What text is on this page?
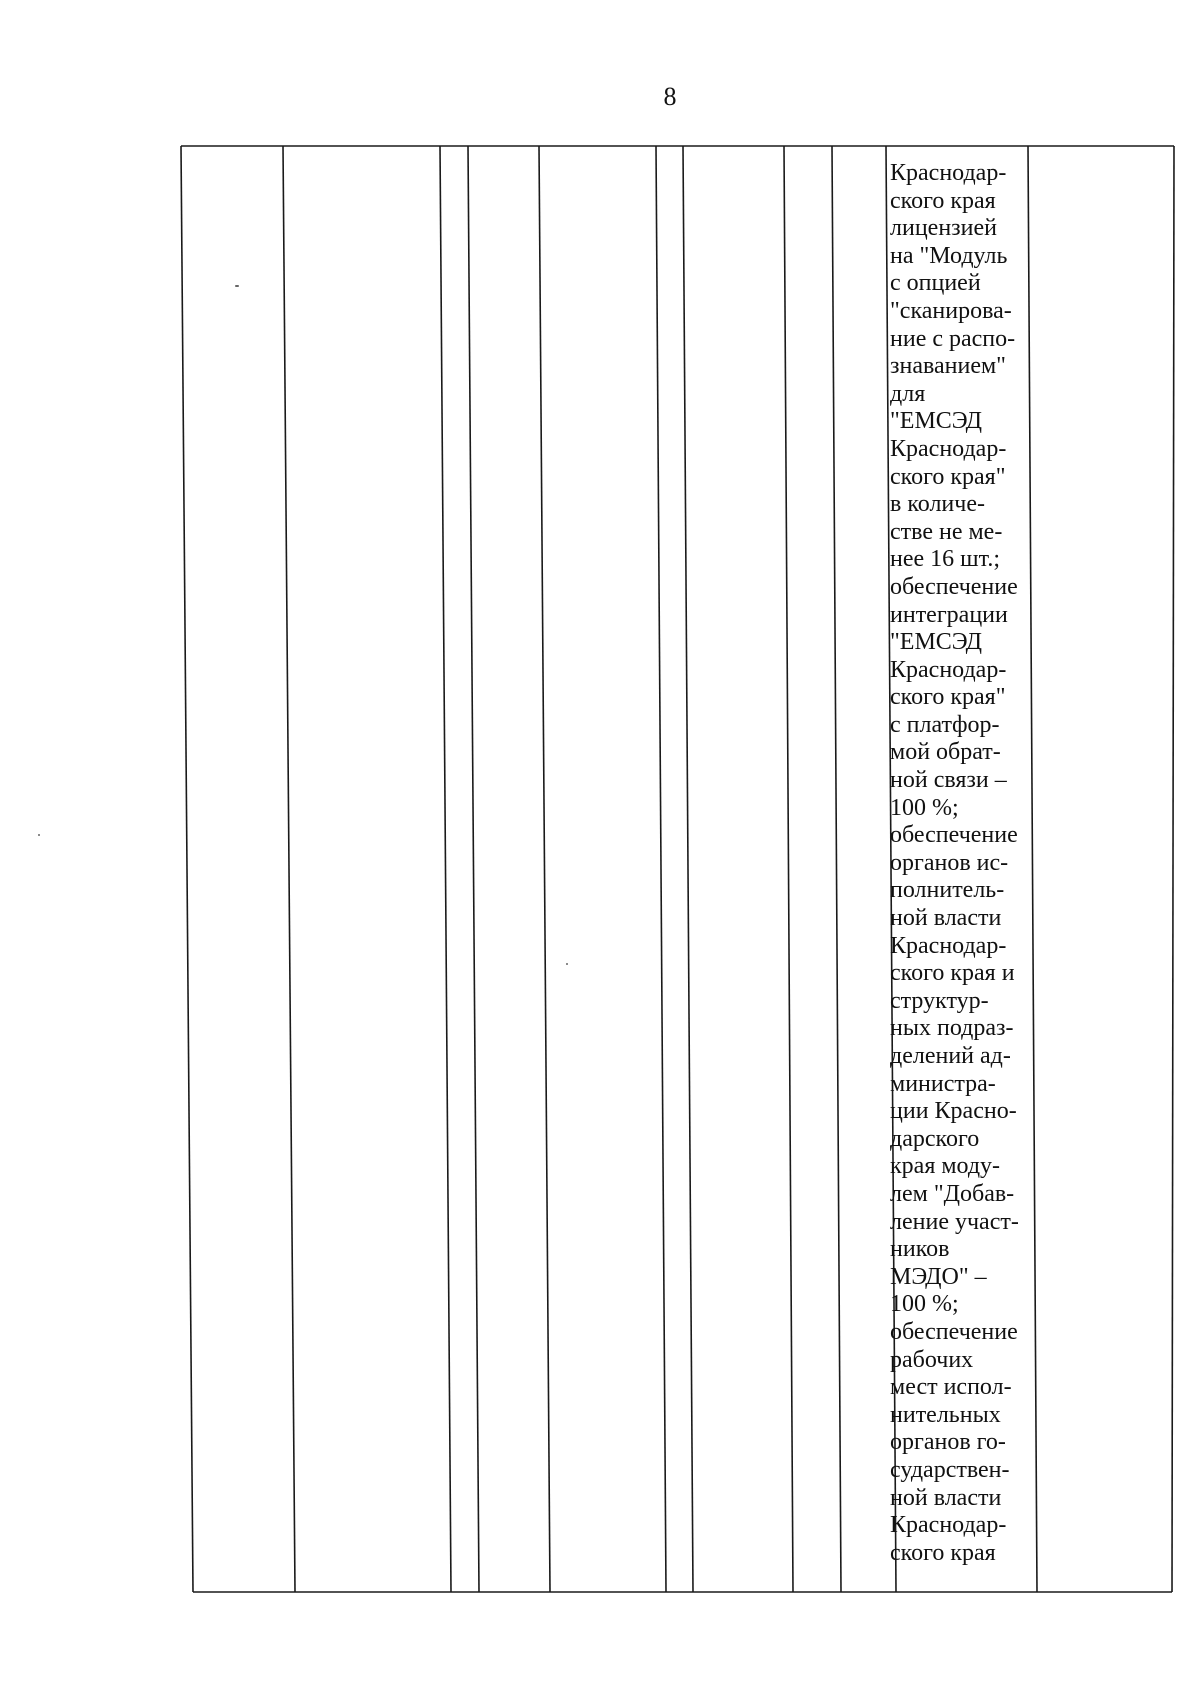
8
Краснодар-
ского края
лицензией
на "Модуль
с опцией
"сканирова-
ние с распо-
знаванием"
для
"ЕМСЭД
Краснодар-
ского края"
в количе-
стве не ме-
нее 16 шт.;
обеспечение
интеграции
"ЕМСЭД
Краснодар-
ского края"
с платфор-
мой обрат-
ной связи –
100 %;
обеспечение
органов ис-
полнитель-
ной власти
Краснодар-
ского края и
структур-
ных подраз-
делений ад-
министра-
ции Красно-
дарского
края моду-
лем "Добав-
ление участ-
ников
МЭДО" –
100 %;
обеспечение
рабочих
мест испол-
нительных
органов го-
сударствен-
ной власти
Краснодар-
ского края
